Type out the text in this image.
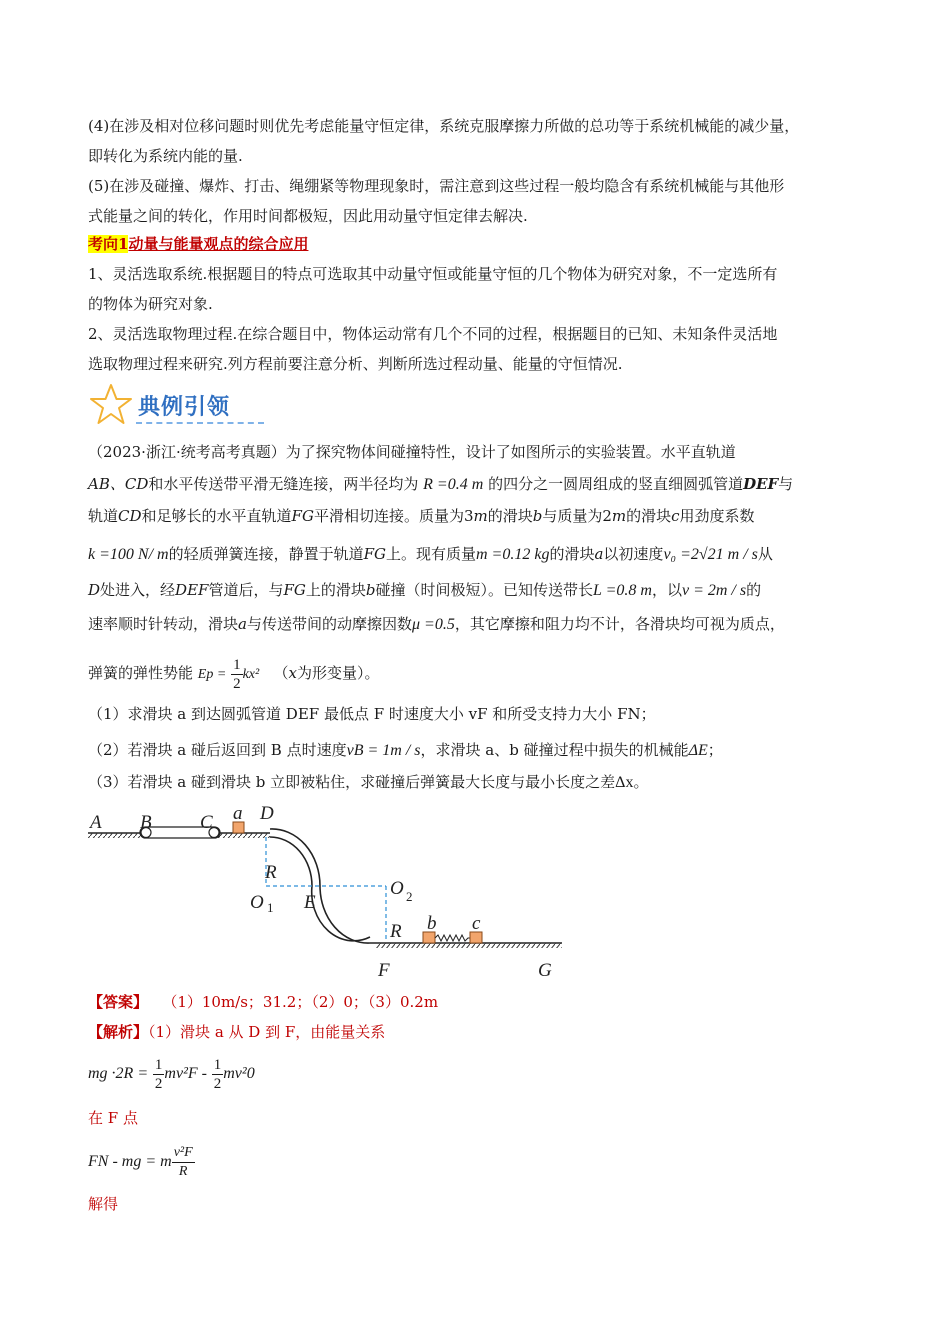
(4)在涉及相对位移问题时则优先考虑能量守恒定律，系统克服摩擦力所做的总功等于系统机械能的减少量，
即转化为系统内能的量.
(5)在涉及碰撞、爆炸、打击、绳绷紧等物理现象时，需注意到这些过程一般均隐含有系统机械能与其他形
式能量之间的转化，作用时间都极短，因此用动量守恒定律去解决.
考向1动量与能量观点的综合应用
1、灵活选取系统.根据题目的特点可选取其中动量守恒或能量守恒的几个物体为研究对象，不一定选所有
的物体为研究对象.
2、灵活选取物理过程.在综合题目中，物体运动常有几个不同的过程，根据题目的已知、未知条件灵活地
选取物理过程来研究.列方程前要注意分析、判断所选过程动量、能量的守恒情况.
典例引领
（2023·浙江·统考高考真题）为了探究物体间碰撞特性，设计了如图所示的实验装置。水平直轨道
AB、CD和水平传送带平滑无缝连接，两半径均为 R =0.4 m 的四分之一圆周组成的竖直细圆弧管道DEF与
轨道CD和足够长的水平直轨道FG平滑相切连接。质量为3m的滑块b与质量为2m的滑块c用劲度系数
k =100 N/ m的轻质弹簧连接，静置于轨道FG上。现有质量m =0.12 kg的滑块a以初速度v₀ =2√21 m / s从
D处进入，经DEF管道后，与FG上的滑块b碰撞（时间极短）。已知传送带长L =0.8 m，以v = 2m / s的
速率顺时针转动，滑块a与传送带间的动摩擦因数μ =0.5，其它摩擦和阻力均不计，各滑块均可视为质点，
弹簧的弹性势能 $Ep = \frac{1}{2} kx^2$ （x为形变量）。
（1）求滑块 a 到达圆弧管道 DEF 最低点 F 时速度大小 vF 和所受支持力大小 FN；
（2）若滑块 a 碰后返回到 B 点时速度vB = 1m / s，求滑块 a、b 碰撞过程中损失的机械能ΔE；
（3）若滑块 a 碰到滑块 b 立即被粘住，求碰撞后弹簧最大长度与最小长度之差Δx。
A B	C a D
R
O 1 E
O 2
R b c
F	G
【答案】 （1）10m/s；31.2；（2）0；（3）0.2m
【解析】（1）滑块 a 从 D 到 F，由能量关系
mg $\cdot 2R = \frac{1}{2} mv^2F - \frac{1}{2} mv^20$
在 F 点
FN - mg = m $\frac{\text{v²F}}{R}$
解得
